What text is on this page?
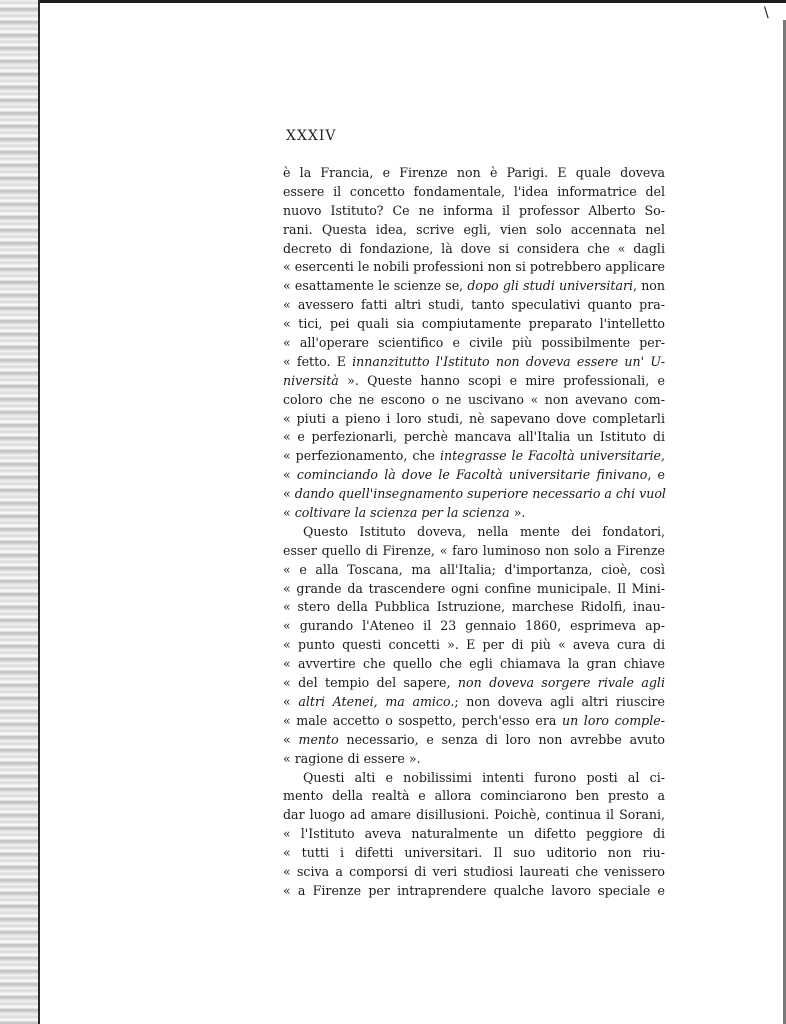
\
XXXIV
è la Francia, e Firenze non è Parigi. E quale doveva
essere il concetto fondamentale, l'idea informatrice del
nuovo Istituto? Ce ne informa il professor Alberto So-
rani. Questa idea, scrive egli, vien solo accennata nel
decreto di fondazione, là dove si considera che « dagli
« esercenti le nobili professioni non si potrebbero applicare
« esattamente le scienze se, dopo gli studi universitari, non
« avessero fatti altri studi, tanto speculativi quanto pra-
« tici, pei quali sia compiutamente preparato l'intelletto
« all'operare scientifico e civile più possibilmente per-
« fetto. E innanzitutto l'Istituto non doveva essere un' U-
niversità ». Queste hanno scopi e mire professionali, e
coloro che ne escono o ne uscivano « non avevano com-
« piuti a pieno i loro studi, nè sapevano dove completarli
« e perfezionarli, perchè mancava all'Italia un Istituto di
« perfezionamento, che integrasse le Facoltà universitarie,
« cominciando là dove le Facoltà universitarie finivano, e
« dando quell'insegnamento superiore necessario a chi vuol
« coltivare la scienza per la scienza ».
Questo Istituto doveva, nella mente dei fondatori,
esser quello di Firenze, « faro luminoso non solo a Firenze
« e alla Toscana, ma all'Italia; d'importanza, cioè, così
« grande da trascendere ogni confine municipale. Il Mini-
« stero della Pubblica Istruzione, marchese Ridolfi, inau-
« gurando l'Ateneo il 23 gennaio 1860, esprimeva ap-
« punto questi concetti ». E per di più « aveva cura di
« avvertire che quello che egli chiamava la gran chiave
« del tempio del sapere, non doveva sorgere rivale agli
« altri Atenei, ma amico.; non doveva agli altri riuscire
« male accetto o sospetto, perch'esso era un loro comple-
« mento necessario, e senza di loro non avrebbe avuto
« ragione di essere ».
Questi alti e nobilissimi intenti furono posti al ci-
mento della realtà e allora cominciarono ben presto a
dar luogo ad amare disillusioni. Poichè, continua il Sorani,
« l'Istituto aveva naturalmente un difetto peggiore di
« tutti i difetti universitari. Il suo uditorio non riu-
« sciva a comporsi di veri studiosi laureati che venissero
« a Firenze per intraprendere qualche lavoro speciale e
